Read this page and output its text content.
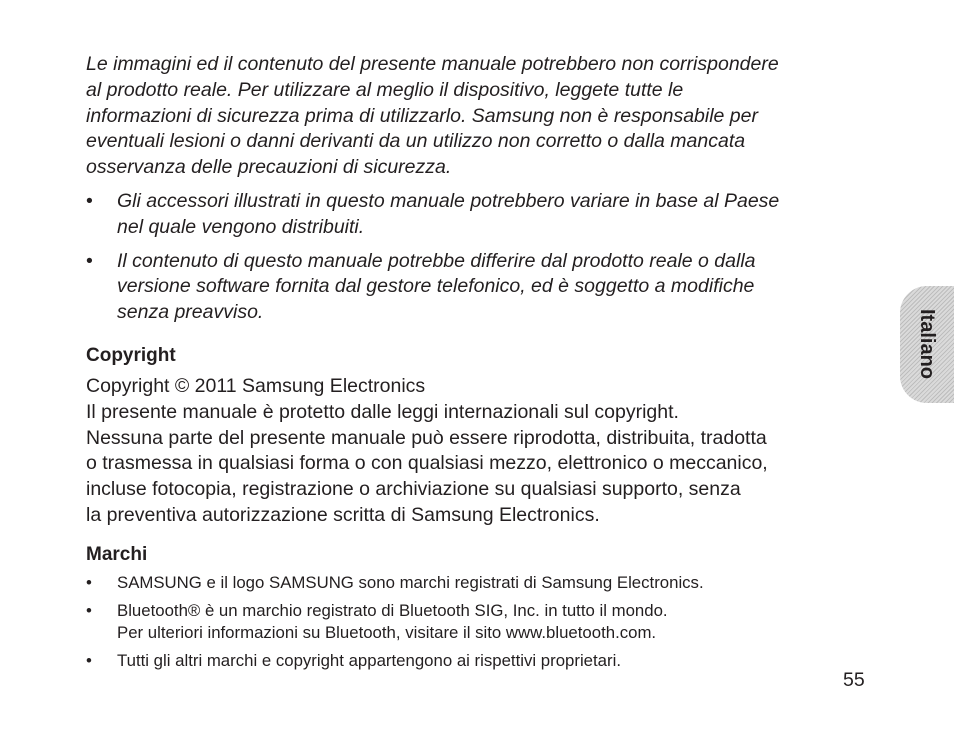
Le immagini ed il contenuto del presente manuale potrebbero non corrispondere
al prodotto reale. Per utilizzare al meglio il dispositivo, leggete tutte le
informazioni di sicurezza prima di utilizzarlo. Samsung non è responsabile per
eventuali lesioni o danni derivanti da un utilizzo non corretto o dalla mancata
osservanza delle precauzioni di sicurezza.

• Gli accessori illustrati in questo manuale potrebbero variare in base al Paese
nel quale vengono distribuiti.
• Il contenuto di questo manuale potrebbe differire dal prodotto reale o dalla
versione software fornita dal gestore telefonico, ed è soggetto a modifiche
senza preavviso.
Copyright
Copyright © 2011 Samsung Electronics
Il presente manuale è protetto dalle leggi internazionali sul copyright.
Nessuna parte del presente manuale può essere riprodotta, distribuita, tradotta
o trasmessa in qualsiasi forma o con qualsiasi mezzo, elettronico o meccanico,
incluse fotocopia, registrazione o archiviazione su qualsiasi supporto, senza
la preventiva autorizzazione scritta di Samsung Electronics.
Marchi
• SAMSUNG e il logo SAMSUNG sono marchi registrati di Samsung Electronics.
• Bluetooth® è un marchio registrato di Bluetooth SIG, Inc. in tutto il mondo.
Per ulteriori informazioni su Bluetooth, visitare il sito www.bluetooth.com.
• Tutti gli altri marchi e copyright appartengono ai rispettivi proprietari.
55
Italiano
